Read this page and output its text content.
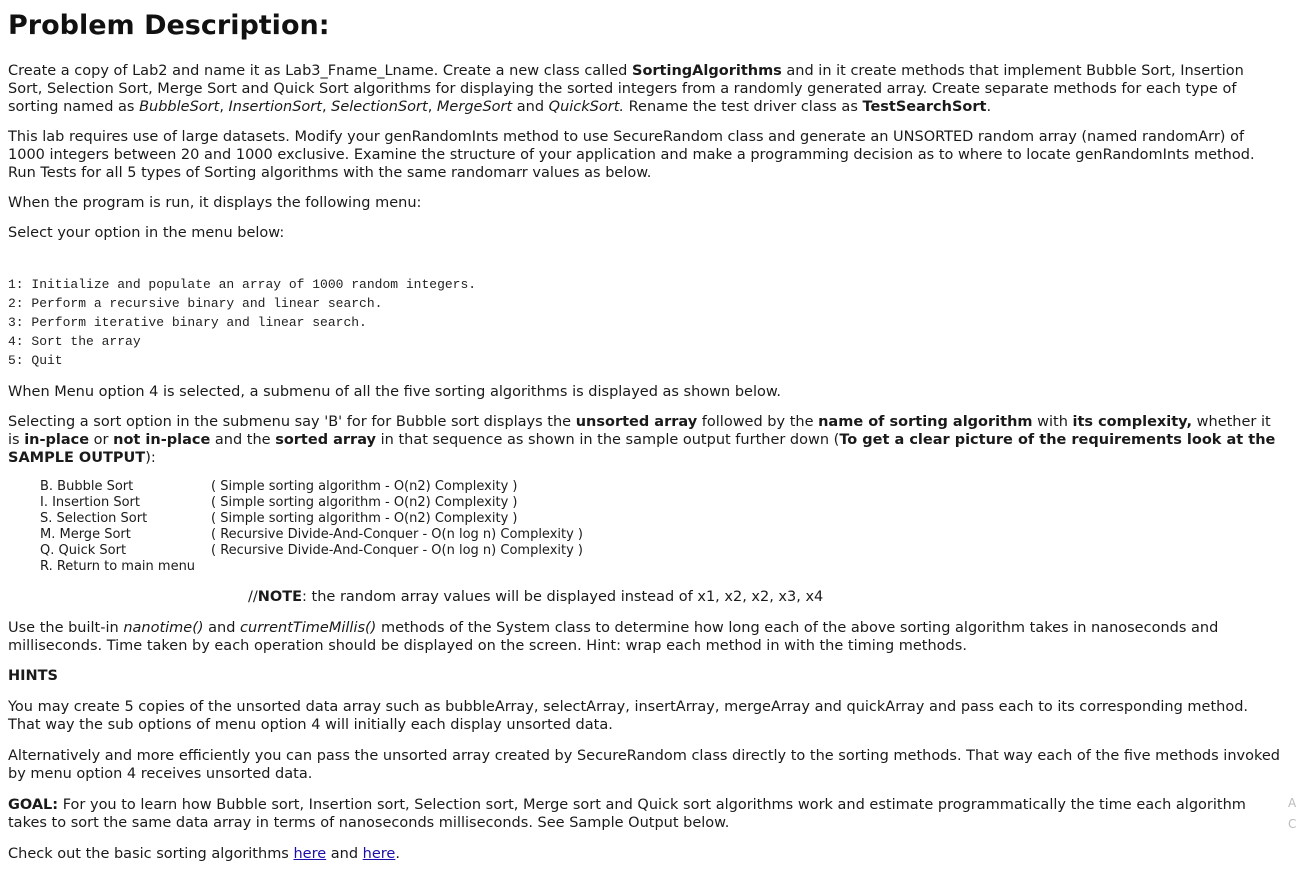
Problem Description:

Create a copy of Lab2 and name it as Lab3_Fname_Lname. Create a new class called SortingAlgorithms and in it create methods that implement Bubble Sort, Insertion Sort, Selection Sort, Merge Sort and Quick Sort algorithms for displaying the sorted integers from a randomly generated array. Create separate methods for each type of sorting named as BubbleSort, InsertionSort, SelectionSort, MergeSort and QuickSort. Rename the test driver class as TestSearchSort.

This lab requires use of large datasets. Modify your genRandomInts method to use SecureRandom class and generate an UNSORTED random array (named randomArr) of 1000 integers between 20 and 1000 exclusive. Examine the structure of your application and make a programming decision as to where to locate genRandomInts method. Run Tests for all 5 types of Sorting algorithms with the same randomarr values as below.

When the program is run, it displays the following menu:

Select your option in the menu below:

1: Initialize and populate an array of 1000 random integers.
2: Perform a recursive binary and linear search.
3: Perform iterative binary and linear search.
4: Sort the array
5: Quit

When Menu option 4 is selected, a submenu of all the five sorting algorithms is displayed as shown below.

Selecting a sort option in the submenu say 'B' for for Bubble sort displays the unsorted array followed by the name of sorting algorithm with its complexity, whether it is in-place or not in-place and the sorted array in that sequence as shown in the sample output further down (To get a clear picture of the requirements look at the SAMPLE OUTPUT):

B. Bubble Sort	( Simple sorting algorithm - O(n2) Complexity )
I. Insertion Sort	( Simple sorting algorithm - O(n2) Complexity )
S. Selection Sort	( Simple sorting algorithm - O(n2) Complexity )
M. Merge Sort	( Recursive Divide-And-Conquer - O(n log n) Complexity )
Q. Quick Sort	( Recursive Divide-And-Conquer - O(n log n) Complexity )
R. Return to main menu

//NOTE: the random array values will be displayed instead of x1, x2, x2, x3, x4

Use the built-in nanotime() and currentTimeMillis() methods of the System class to determine how long each of the above sorting algorithm takes in nanoseconds and milliseconds. Time taken by each operation should be displayed on the screen. Hint: wrap each method in with the timing methods.

HINTS

You may create 5 copies of the unsorted data array such as bubbleArray, selectArray, insertArray, mergeArray and quickArray and pass each to its corresponding method. That way the sub options of menu option 4 will initially each display unsorted data.

Alternatively and more efficiently you can pass the unsorted array created by SecureRandom class directly to the sorting methods. That way each of the five methods invoked by menu option 4 receives unsorted data.

GOAL: For you to learn how Bubble sort, Insertion sort, Selection sort, Merge sort and Quick sort algorithms work and estimate programmatically the time each algorithm takes to sort the same data array in terms of nanoseconds milliseconds. See Sample Output below.

Check out the basic sorting algorithms here and here.

A
C
